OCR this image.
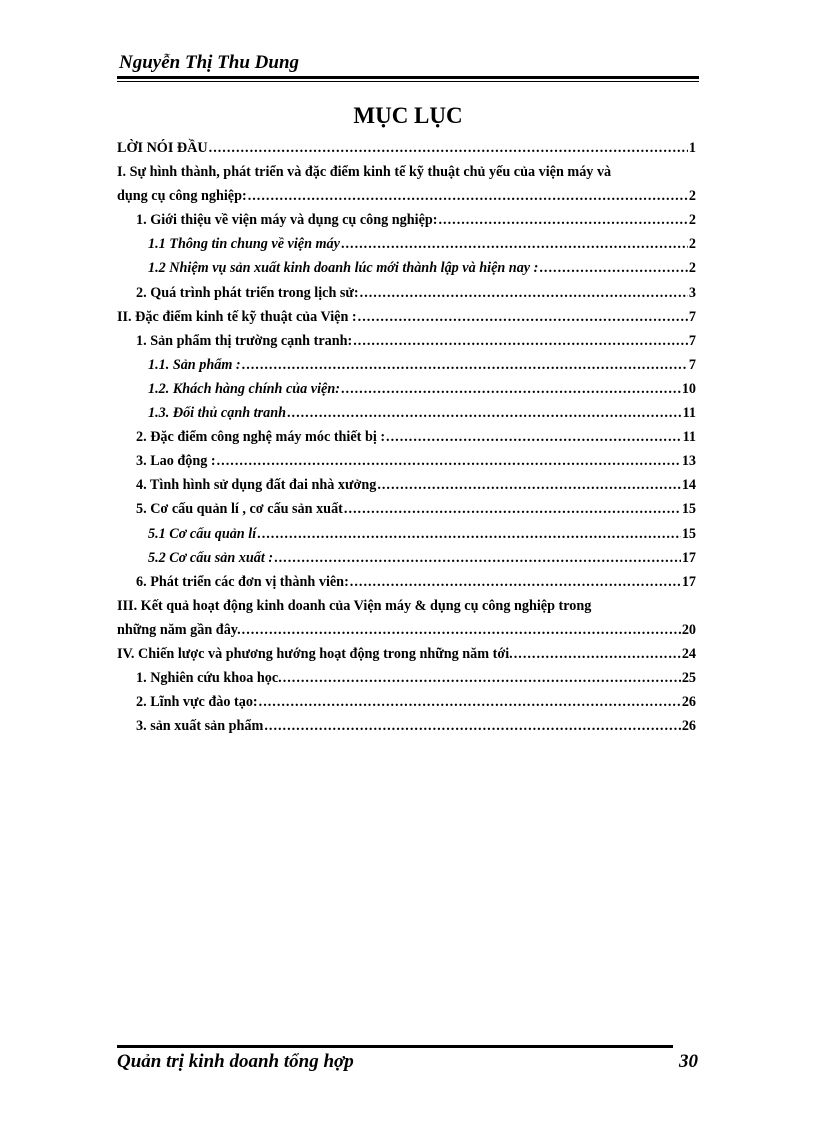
Nguyễn Thị Thu Dung
MỤC LỤC
LỜI NÓI ĐẦU .....	1
I. Sự hình thành, phát triển và đặc điểm kinh tế kỹ thuật chủ yếu của viện máy và
dụng cụ công nghiệp: .....	2
1. Giới thiệu về viện máy và dụng cụ công nghiệp: .....	2
1.1 Thông tin chung về viện máy .....	2
1.2 Nhiệm vụ sản xuất kinh doanh lúc mới thành lập và hiện nay : .....	2
2. Quá trình phát triển trong lịch sử: .....	3
II. Đặc điểm kinh tế kỹ thuật của Viện : .....	7
1. Sản phẩm thị trường cạnh tranh: .....	7
1.1. Sản phẩm : .....	7
1.2. Khách hàng chính của viện: .....	10
1.3. Đối thủ cạnh tranh .....	11
2. Đặc điểm công nghệ máy móc thiết bị : .....	11
3. Lao động : .....	13
4. Tình hình sử dụng đất đai nhà xưởng .....	14
5. Cơ cấu quản lí , cơ cấu sản xuất .....	15
5.1 Cơ cấu quản lí .....	15
5.2 Cơ cấu sản xuất : .....	17
6. Phát triển các đơn vị thành viên: .....	17
III. Kết quả hoạt động kinh doanh của Viện máy & dụng cụ công nghiệp trong
những năm gần đây. .....	20
IV. Chiến lược và phương hướng hoạt động trong những năm tới. .....	24
1. Nghiên cứu khoa học. .....	25
2. Lĩnh vực đào tạo: .....	26
3. sản xuất sản phẩm .....	26
Quản trị kinh doanh tổng hợp	30
